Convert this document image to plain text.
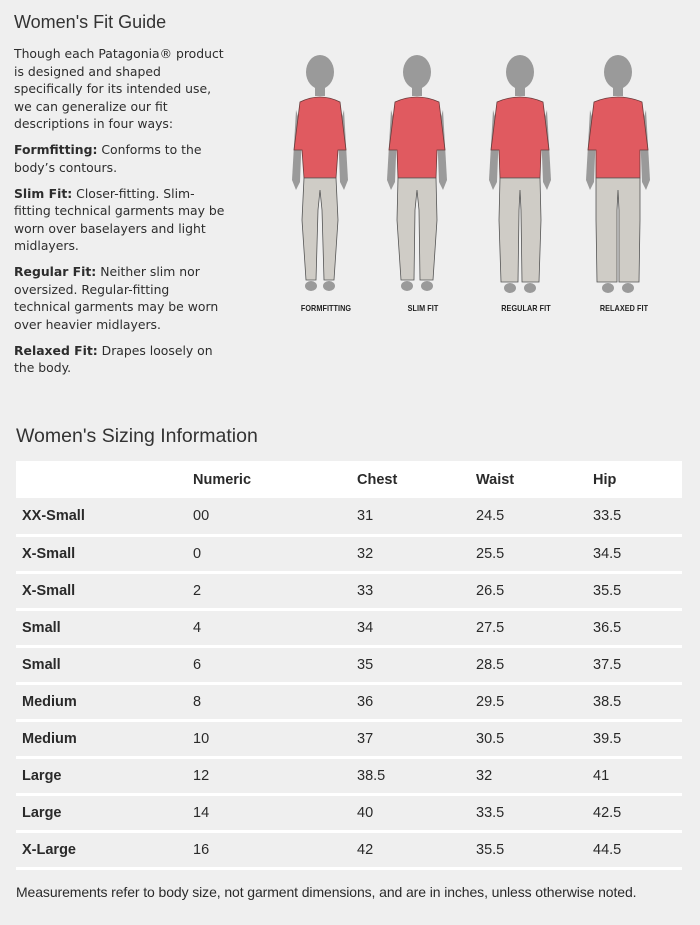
Women's Fit Guide

Though each Patagonia® product is designed and shaped specifically for its intended use, we can generalize our fit descriptions in four ways:

Formfitting: Conforms to the body’s contours.

Slim Fit: Closer-fitting. Slim-fitting technical garments may be worn over baselayers and light midlayers.

Regular Fit: Neither slim nor oversized. Regular-fitting technical garments may be worn over heavier midlayers.

Relaxed Fit: Drapes loosely on the body.

FORMFITTING	SLIM FIT	REGULAR FIT	RELAXED FIT
Women's Sizing Information
	Numeric	Chest	Waist	Hip
XX-Small	00	31	24.5	33.5
X-Small	0	32	25.5	34.5
X-Small	2	33	26.5	35.5
Small	4	34	27.5	36.5
Small	6	35	28.5	37.5
Medium	8	36	29.5	38.5
Medium	10	37	30.5	39.5
Large	12	38.5	32	41
Large	14	40	33.5	42.5
X-Large	16	42	35.5	44.5

Measurements refer to body size, not garment dimensions, and are in inches, unless otherwise noted.
